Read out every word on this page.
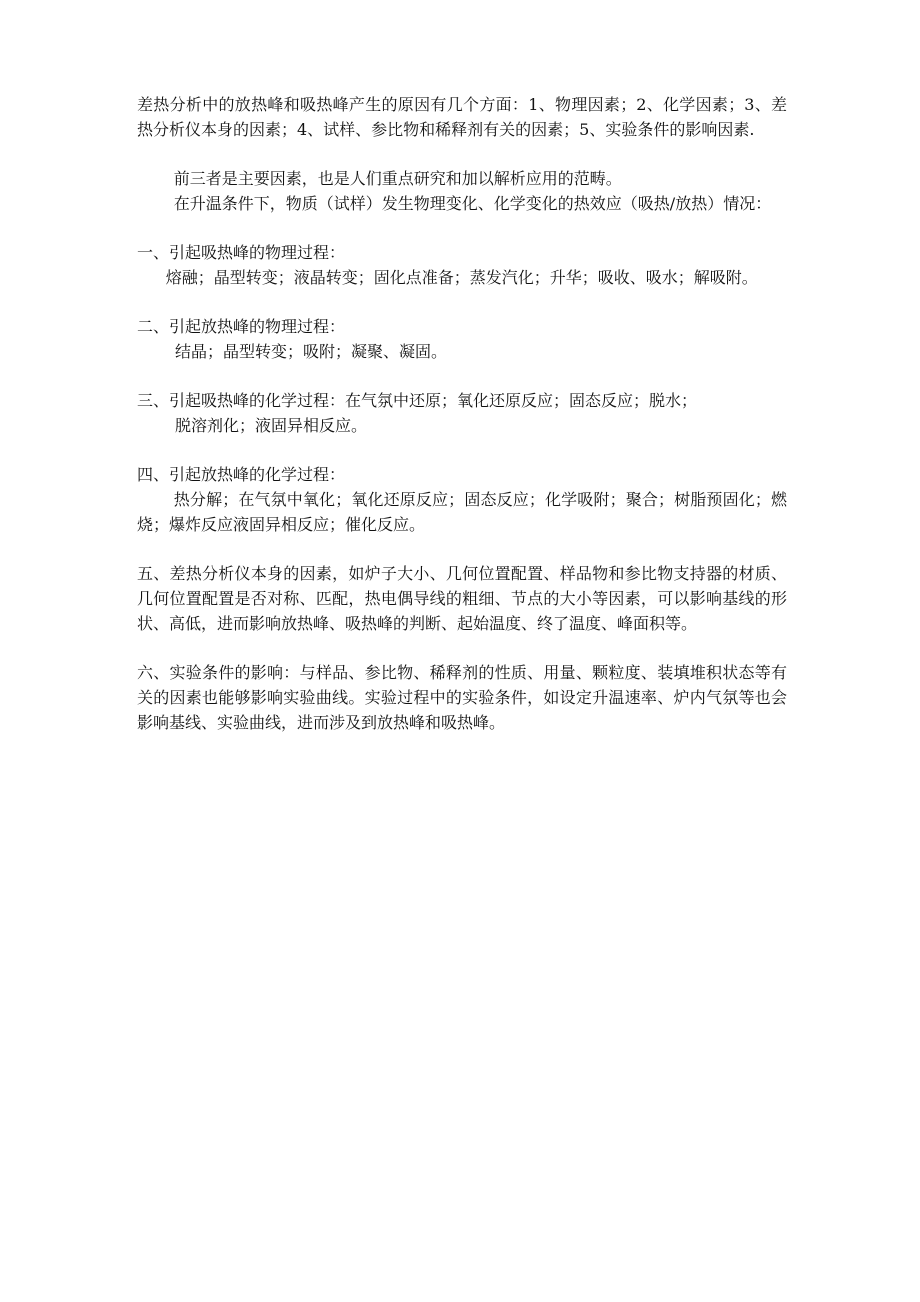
差热分析中的放热峰和吸热峰产生的原因有几个方面：1、物理因素；2、化学因素；3、差热分析仪本身的因素；4、试样、参比物和稀释剂有关的因素；5、实验条件的影响因素.

前三者是主要因素，也是人们重点研究和加以解析应用的范畴。

在升温条件下，物质（试样）发生物理变化、化学变化的热效应（吸热/放热）情况：

一、引起吸热峰的物理过程：

熔融；晶型转变；液晶转变；固化点准备；蒸发汽化；升华；吸收、吸水；解吸附。

二、引起放热峰的物理过程：

结晶；晶型转变；吸附；凝聚、凝固。

三、引起吸热峰的化学过程：在气氛中还原；氧化还原反应；固态反应；脱水；

脱溶剂化；液固异相反应。

四、引起放热峰的化学过程：

热分解；在气氛中氧化；氧化还原反应；固态反应；化学吸附；聚合；树脂预固化；燃烧；爆炸反应液固异相反应；催化反应。

五、差热分析仪本身的因素，如炉子大小、几何位置配置、样品物和参比物支持器的材质、几何位置配置是否对称、匹配，热电偶导线的粗细、节点的大小等因素，可以影响基线的形状、高低，进而影响放热峰、吸热峰的判断、起始温度、终了温度、峰面积等。

六、实验条件的影响：与样品、参比物、稀释剂的性质、用量、颗粒度、装填堆积状态等有关的因素也能够影响实验曲线。实验过程中的实验条件，如设定升温速率、炉内气氛等也会影响基线、实验曲线，进而涉及到放热峰和吸热峰。
